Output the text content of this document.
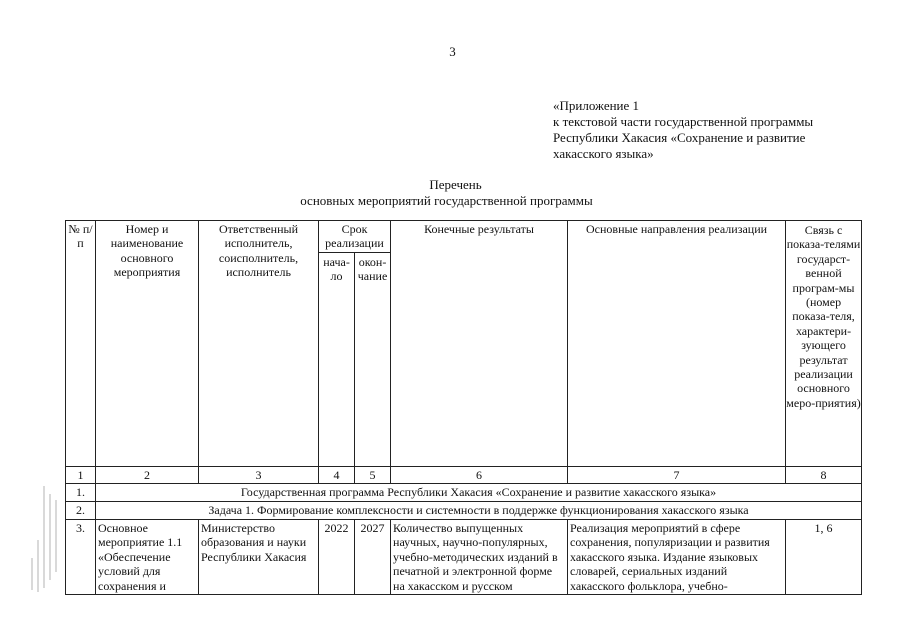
3
«Приложение 1
к текстовой части государственной программы
Республики Хакасия «Сохранение и развитие
хакасского языка»
Перечень
основных мероприятий государственной программы
№ п/п	Номер и наименование основного мероприятия	Ответственный исполнитель, соисполнитель, исполнитель	Срок реализации		Конечные результаты	Основные направления реализации	Связь с показа-телями государст-венной програм-мы (номер показа-теля, характери-зующего результат реализации основного меро-приятия)
			нача-ло	окон-чание			
1	2	3	4	5	6	7	8
1.	Государственная программа Республики Хакасия «Сохранение и развитие хакасского языка»						
2.	Задача 1. Формирование комплексности и системности в поддержке функционирования хакасского языка						
3.	Основное мероприятие 1.1 «Обеспечение условий для сохранения и	Министерство образования и науки Республики Хакасия	2022	2027	Количество выпущенных научных, научно-популярных, учебно-методических изданий в печатной и электронной форме на хакасском и русском	Реализация мероприятий в сфере сохранения, популяризации и развития хакасского языка. Издание языковых словарей, сериальных изданий хакасского фольклора, учебно-	1, 6
